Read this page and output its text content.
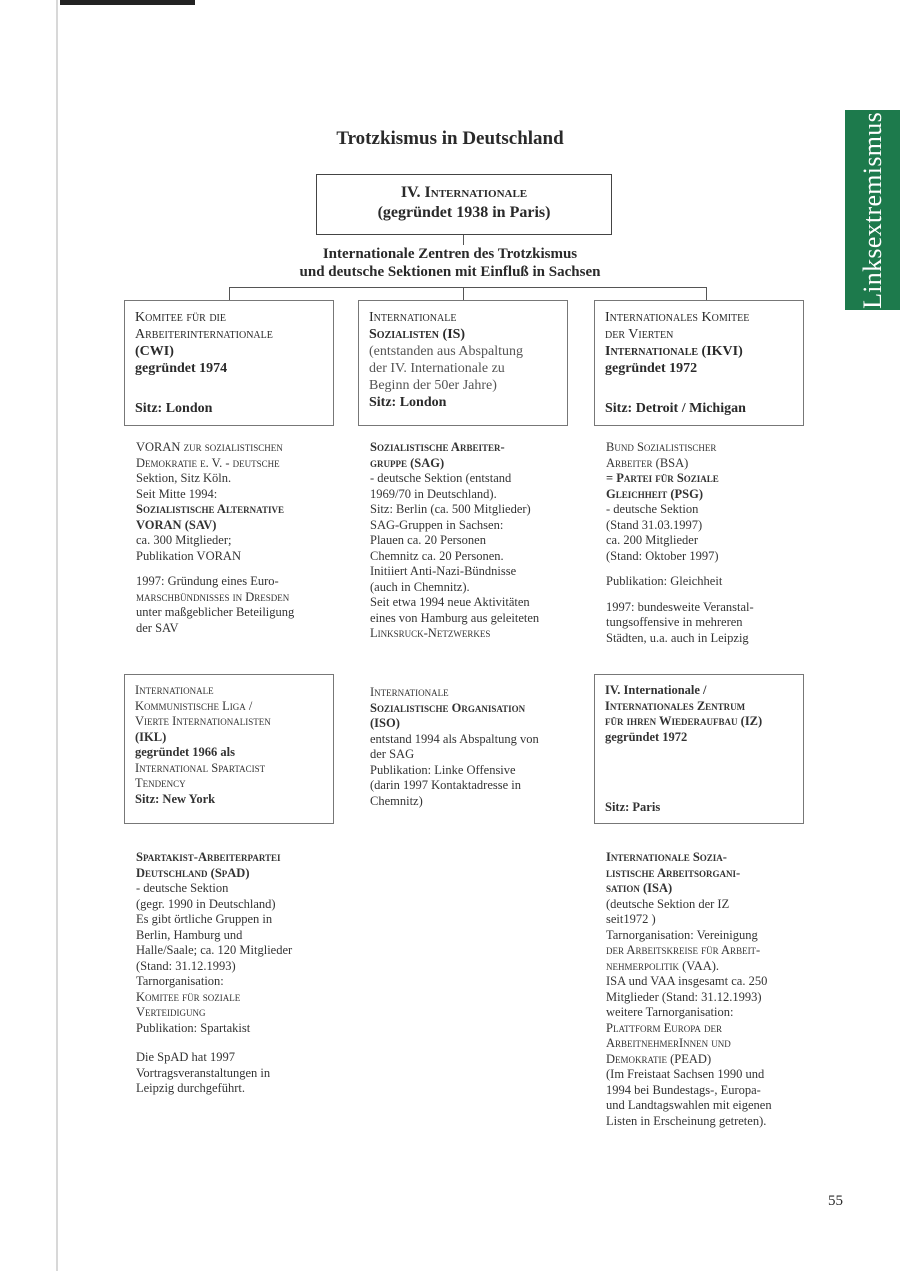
Linksextremismus
Trotzkismus in Deutschland
IV. Internationale
(gegründet 1938 in Paris)
Internationale Zentren des Trotzkismus
und deutsche Sektionen mit Einfluß in Sachsen
Komitee für die
Arbeiterinternationale
(CWI)
gegründet 1974
Sitz: London
Internationale
Sozialisten (IS)
(entstanden aus Abspaltung
der IV. Internationale zu
Beginn der 50er Jahre)
Sitz: London
Internationales Komitee
der Vierten
Internationale (IKVI)
gegründet 1972
Sitz: Detroit / Michigan

VORAN zur sozialistischen
Demokratie e. V. - deutsche
Sektion, Sitz Köln.
Seit Mitte 1994:
Sozialistische Alternative
VORAN (SAV)
ca. 300 Mitglieder;
Publikation VORAN

1997: Gründung eines Euro-
marschbündnisses in Dresden
unter maßgeblicher Beteiligung
der SAV

Sozialistische Arbeiter-
gruppe (SAG)
- deutsche Sektion (entstand
1969/70 in Deutschland).
Sitz: Berlin (ca. 500 Mitglieder)
SAG-Gruppen in Sachsen:
Plauen ca. 20 Personen
Chemnitz ca. 20 Personen.
Initiiert Anti-Nazi-Bündnisse
(auch in Chemnitz).
Seit etwa 1994 neue Aktivitäten
eines von Hamburg aus geleiteten
Linksruck-Netzwerkes

Bund Sozialistischer
Arbeiter (BSA)
= Partei für Soziale
Gleichheit (PSG)
- deutsche Sektion
(Stand 31.03.1997)
ca. 200 Mitglieder
(Stand: Oktober 1997)

Publikation: Gleichheit

1997: bundesweite Veranstal-
tungsoffensive in mehreren
Städten, u.a. auch in Leipzig

Internationale
Kommunistische Liga /
Vierte Internationalisten
(IKL)
gegründet 1966 als
International Spartacist
Tendency
Sitz: New York
Internationale
Sozialistische Organisation
(ISO)
entstand 1994 als Abspaltung von
der SAG
Publikation: Linke Offensive
(darin 1997 Kontaktadresse in
Chemnitz)
IV. Internationale /
Internationales Zentrum
für ihren Wiederaufbau (IZ)
gegründet 1972
Sitz: Paris

Spartakist-Arbeiterpartei
Deutschland (SpAD)
- deutsche Sektion
(gegr. 1990 in Deutschland)
Es gibt örtliche Gruppen in
Berlin, Hamburg und
Halle/Saale; ca. 120 Mitglieder
(Stand: 31.12.1993)
Tarnorganisation:
Komitee für soziale
Verteidigung
Publikation: Spartakist

Die SpAD hat 1997
Vortragsveranstaltungen in
Leipzig durchgeführt.

Internationale Sozia-
listische Arbeitsorgani-
sation (ISA)
(deutsche Sektion der IZ
seit1972 )
Tarnorganisation: Vereinigung
der Arbeitskreise für Arbeit-
nehmerpolitik (VAA).
ISA und VAA insgesamt ca. 250
Mitglieder (Stand: 31.12.1993)
weitere Tarnorganisation:
Plattform Europa der
ArbeitnehmerInnen und
Demokratie (PEAD)
(Im Freistaat Sachsen 1990 und
1994 bei Bundestags-, Europa-
und Landtagswahlen mit eigenen
Listen in Erscheinung getreten).
55
